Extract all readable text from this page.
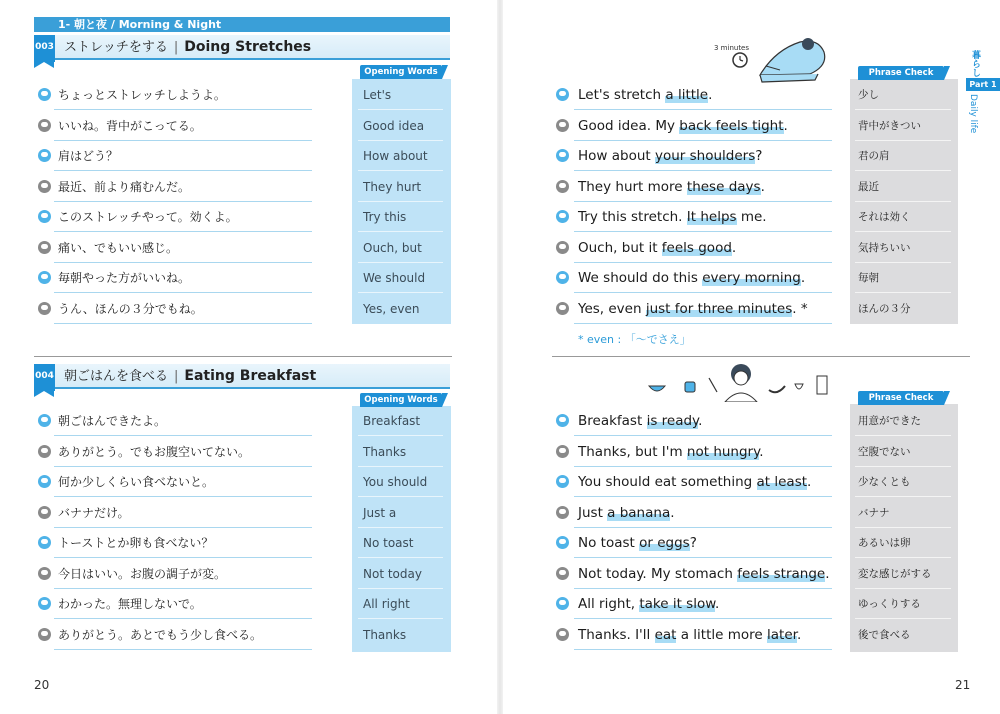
1- 朝と夜 / Morning & Night
003 ストレッチをする | Doing Stretches
004 朝ごはんを食べる | Eating Breakfast
Opening Words	Phrase Check
Opening Words	Phrase Check
ちょっとストレッチしようよ。	Let's	Let's stretch a little.	少し
いいね。背中がこってる。	Good idea	Good idea. My back feels tight.	背中がきつい
肩はどう？	How about	How about your shoulders?	君の肩
最近、前より痛むんだ。	They hurt	They hurt more these days.	最近
このストレッチやって。効くよ。	Try this	Try this stretch. It helps me.	それは効く
痛い、でもいい感じ。	Ouch, but	Ouch, but it feels good.	気持ちいい
毎朝やった方がいいね。	We should	We should do this every morning.	毎朝
うん、ほんの３分でもね。	Yes, even	Yes, even just for three minutes. *	ほんの３分
朝ごはんできたよ。	Breakfast	Breakfast is ready.	用意ができた
ありがとう。でもお腹空いてない。	Thanks	Thanks, but I'm not hungry.	空腹でない
何か少しくらい食べないと。	You should	You should eat something at least.	少なくとも
バナナだけ。	Just a	Just a banana.	バナナ
トーストとか卵も食べない？	No toast	No toast or eggs?	あるいは卵
今日はいい。お腹の調子が変。	Not today	Not today. My stomach feels strange.	変な感じがする
わかった。無理しないで。	All right	All right, take it slow.	ゆっくりする
ありがとう。あとでもう少し食べる。	Thanks	Thanks. I'll eat a little more later.	後で食べる
* even : 「〜でさえ」
3 minutes
暮らし
Part 1
Daily life
20	21
